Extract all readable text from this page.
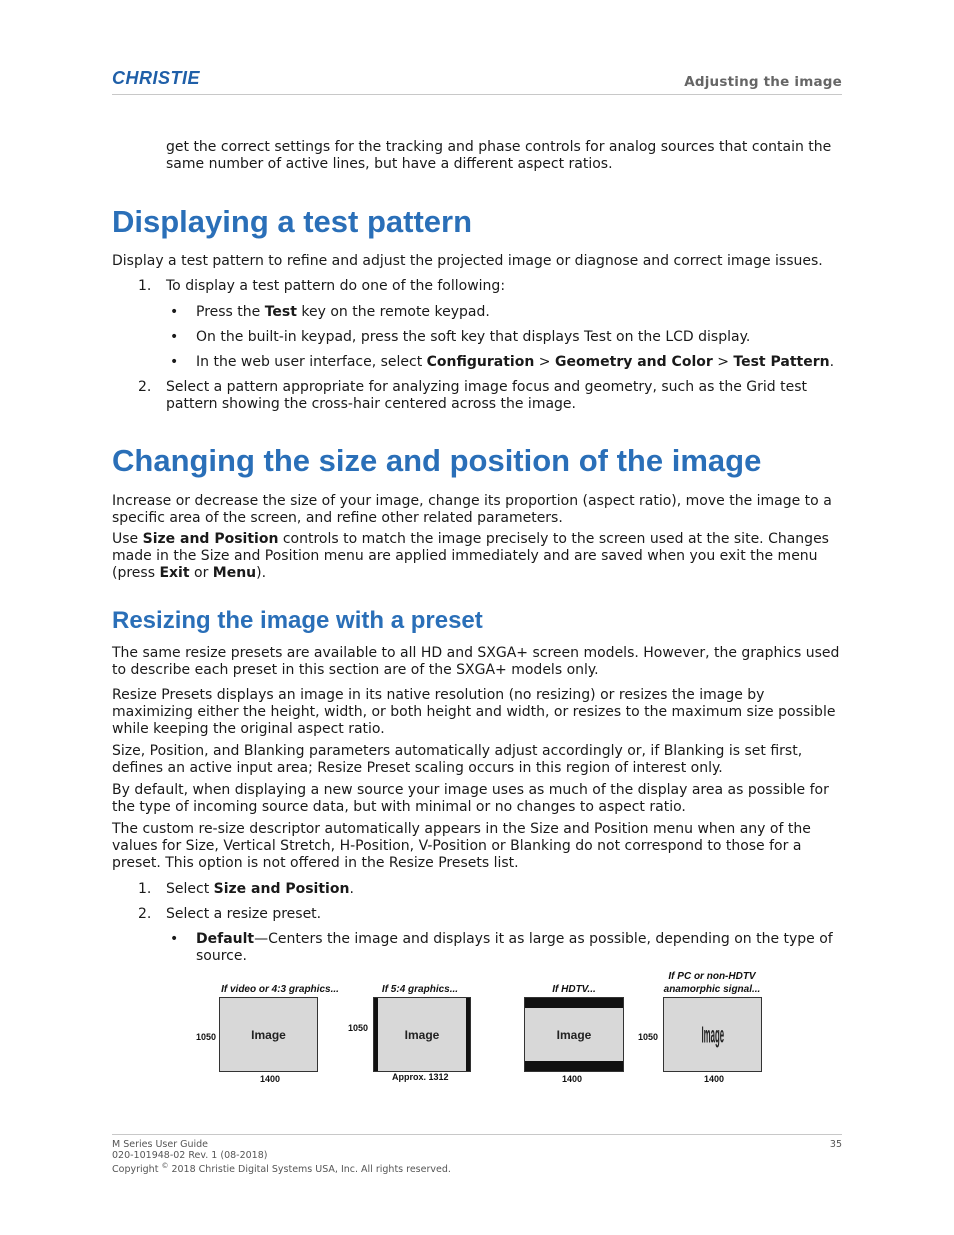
CHRISTIE	Adjusting the image
get the correct settings for the tracking and phase controls for analog sources that contain the same number of active lines, but have a different aspect ratios.
Displaying a test pattern
Display a test pattern to refine and adjust the projected image or diagnose and correct image issues.
1. To display a test pattern do one of the following:
• Press the Test key on the remote keypad.
• On the built-in keypad, press the soft key that displays Test on the LCD display.
• In the web user interface, select Configuration > Geometry and Color > Test Pattern.
2. Select a pattern appropriate for analyzing image focus and geometry, such as the Grid test pattern showing the cross-hair centered across the image.
Changing the size and position of the image
Increase or decrease the size of your image, change its proportion (aspect ratio), move the image to a specific area of the screen, and refine other related parameters.
Use Size and Position controls to match the image precisely to the screen used at the site. Changes made in the Size and Position menu are applied immediately and are saved when you exit the menu (press Exit or Menu).
Resizing the image with a preset
The same resize presets are available to all HD and SXGA+ screen models. However, the graphics used to describe each preset in this section are of the SXGA+ models only.
Resize Presets displays an image in its native resolution (no resizing) or resizes the image by maximizing either the height, width, or both height and width, or resizes to the maximum size possible while keeping the original aspect ratio.
Size, Position, and Blanking parameters automatically adjust accordingly or, if Blanking is set first, defines an active input area; Resize Preset scaling occurs in this region of interest only.
By default, when displaying a new source your image uses as much of the display area as possible for the type of incoming source data, but with minimal or no changes to aspect ratio.
The custom re-size descriptor automatically appears in the Size and Position menu when any of the values for Size, Vertical Stretch, H-Position, V-Position or Blanking do not correspond to those for a preset. This option is not offered in the Resize Presets list.
1. Select Size and Position.
2. Select a resize preset.
• Default—Centers the image and displays it as large as possible, depending on the type of source.
If video or 4:3 graphics...
1050	Image
1400
If 5:4 graphics...
1050	Image
Approx. 1312
If HDTV...
Image
1400
If PC or non-HDTV
anamorphic signal...
1050	Image
1400
M Series User Guide
020-101948-02 Rev. 1 (08-2018)
Copyright © 2018 Christie Digital Systems USA, Inc. All rights reserved.
35
